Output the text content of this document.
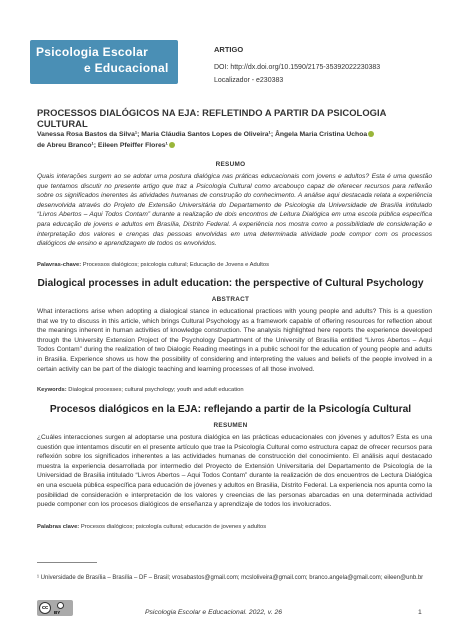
Psicologia Escolar
e Educacional
ARTIGO
DOI: http://dx.doi.org/10.1590/2175-35392022230383
Localizador - e230383
PROCESSOS DIALÓGICOS NA EJA: REFLETINDO A PARTIR DA PSICOLOGIA CULTURAL
Vanessa Rosa Bastos da Silva¹; Maria Cláudia Santos Lopes de Oliveira¹; Ângela Maria Cristina Uchoa
de Abreu Branco¹; Eileen Pfeiffer Flores¹
RESUMO
Quais interações surgem ao se adotar uma postura dialógica nas práticas educacionais com jovens e adultos? Esta é uma questão que tentamos discutir no presente artigo que traz a Psicologia Cultural como arcabouço capaz de oferecer recursos para reflexão sobre os significados inerentes às atividades humanas de construção do conhecimento. A análise aqui destacada relata a experiência desenvolvida através do Projeto de Extensão Universitária do Departamento de Psicologia da Universidade de Brasília intitulado “Livros Abertos – Aqui Todos Contam” durante a realização de dois encontros de Leitura Dialógica em uma escola pública específica para educação de jovens e adultos em Brasília, Distrito Federal. A experiência nos mostra como a possibilidade de consideração e interpretação dos valores e crenças das pessoas envolvidas em uma determinada atividade pode compor com os processos dialógicos de ensino e aprendizagem de todos os envolvidos.
Palavras-chave: Processos dialógicos; psicologia cultural; Educação de Jovens e Adultos
Dialogical processes in adult education: the perspective of Cultural Psychology
ABSTRACT
What interactions arise when adopting a dialogical stance in educational practices with young people and adults? This is a question that we try to discuss in this article, which brings Cultural Psychology as a framework capable of offering resources for reflection about the meanings inherent in human activities of knowledge construction. The analysis highlighted here reports the experience developed through the University Extension Project of the Psychology Department of the University of Brasília entitled “Livros Abertos – Aqui Todos Contam” during the realization of two Dialogic Reading meetings in a public school for the education of young people and adults in Brasilia. Experience shows us how the possibility of considering and interpreting the values and beliefs of the people involved in a certain activity can be part of the dialogic teaching and learning processes of all those involved.
Keywords: Dialogical processes; cultural psychology; youth and adult education
Procesos dialógicos en la EJA: reflejando a partir de la Psicología Cultural
RESUMEN
¿Cuáles interacciones surgen al adoptarse una postura dialógica en las prácticas educacionales con jóvenes y adultos? Esta es una cuestión que intentamos discutir en el presente artículo que trae la Psicología Cultural como estructura capaz de ofrecer recursos para reflexión sobre los significados inherentes a las actividades humanas de construcción del conocimiento. El análisis aquí destacado muestra la experiencia desarrollada por intermedio del Proyecto de Extensión Universitaria del Departamento de Psicología de la Universidad de Brasilia intitulado “Livros Abertos – Aqui Todos Contam” durante la realización de dos encuentros de Lectura Dialógica en una escuela pública específica para educación de jóvenes y adultos en Brasilia, Distrito Federal. La experiencia nos apunta como la posibilidad de consideración e interpretación de los valores y creencias de las personas abarcadas en una determinada actividad puede componer con los procesos dialógicos de enseñanza y aprendizaje de todos los involucrados.
Palabras clave: Procesos dialógicos; psicología cultural; educación de jovenes y adultos
¹ Universidade de Brasília – Brasília – DF – Brasil; vrosabastos@gmail.com; mcsloliveira@gmail.com; branco.angela@gmail.com; eileen@unb.br
cc
BY	Psicologia Escolar e Educacional. 2022, v. 26	1
